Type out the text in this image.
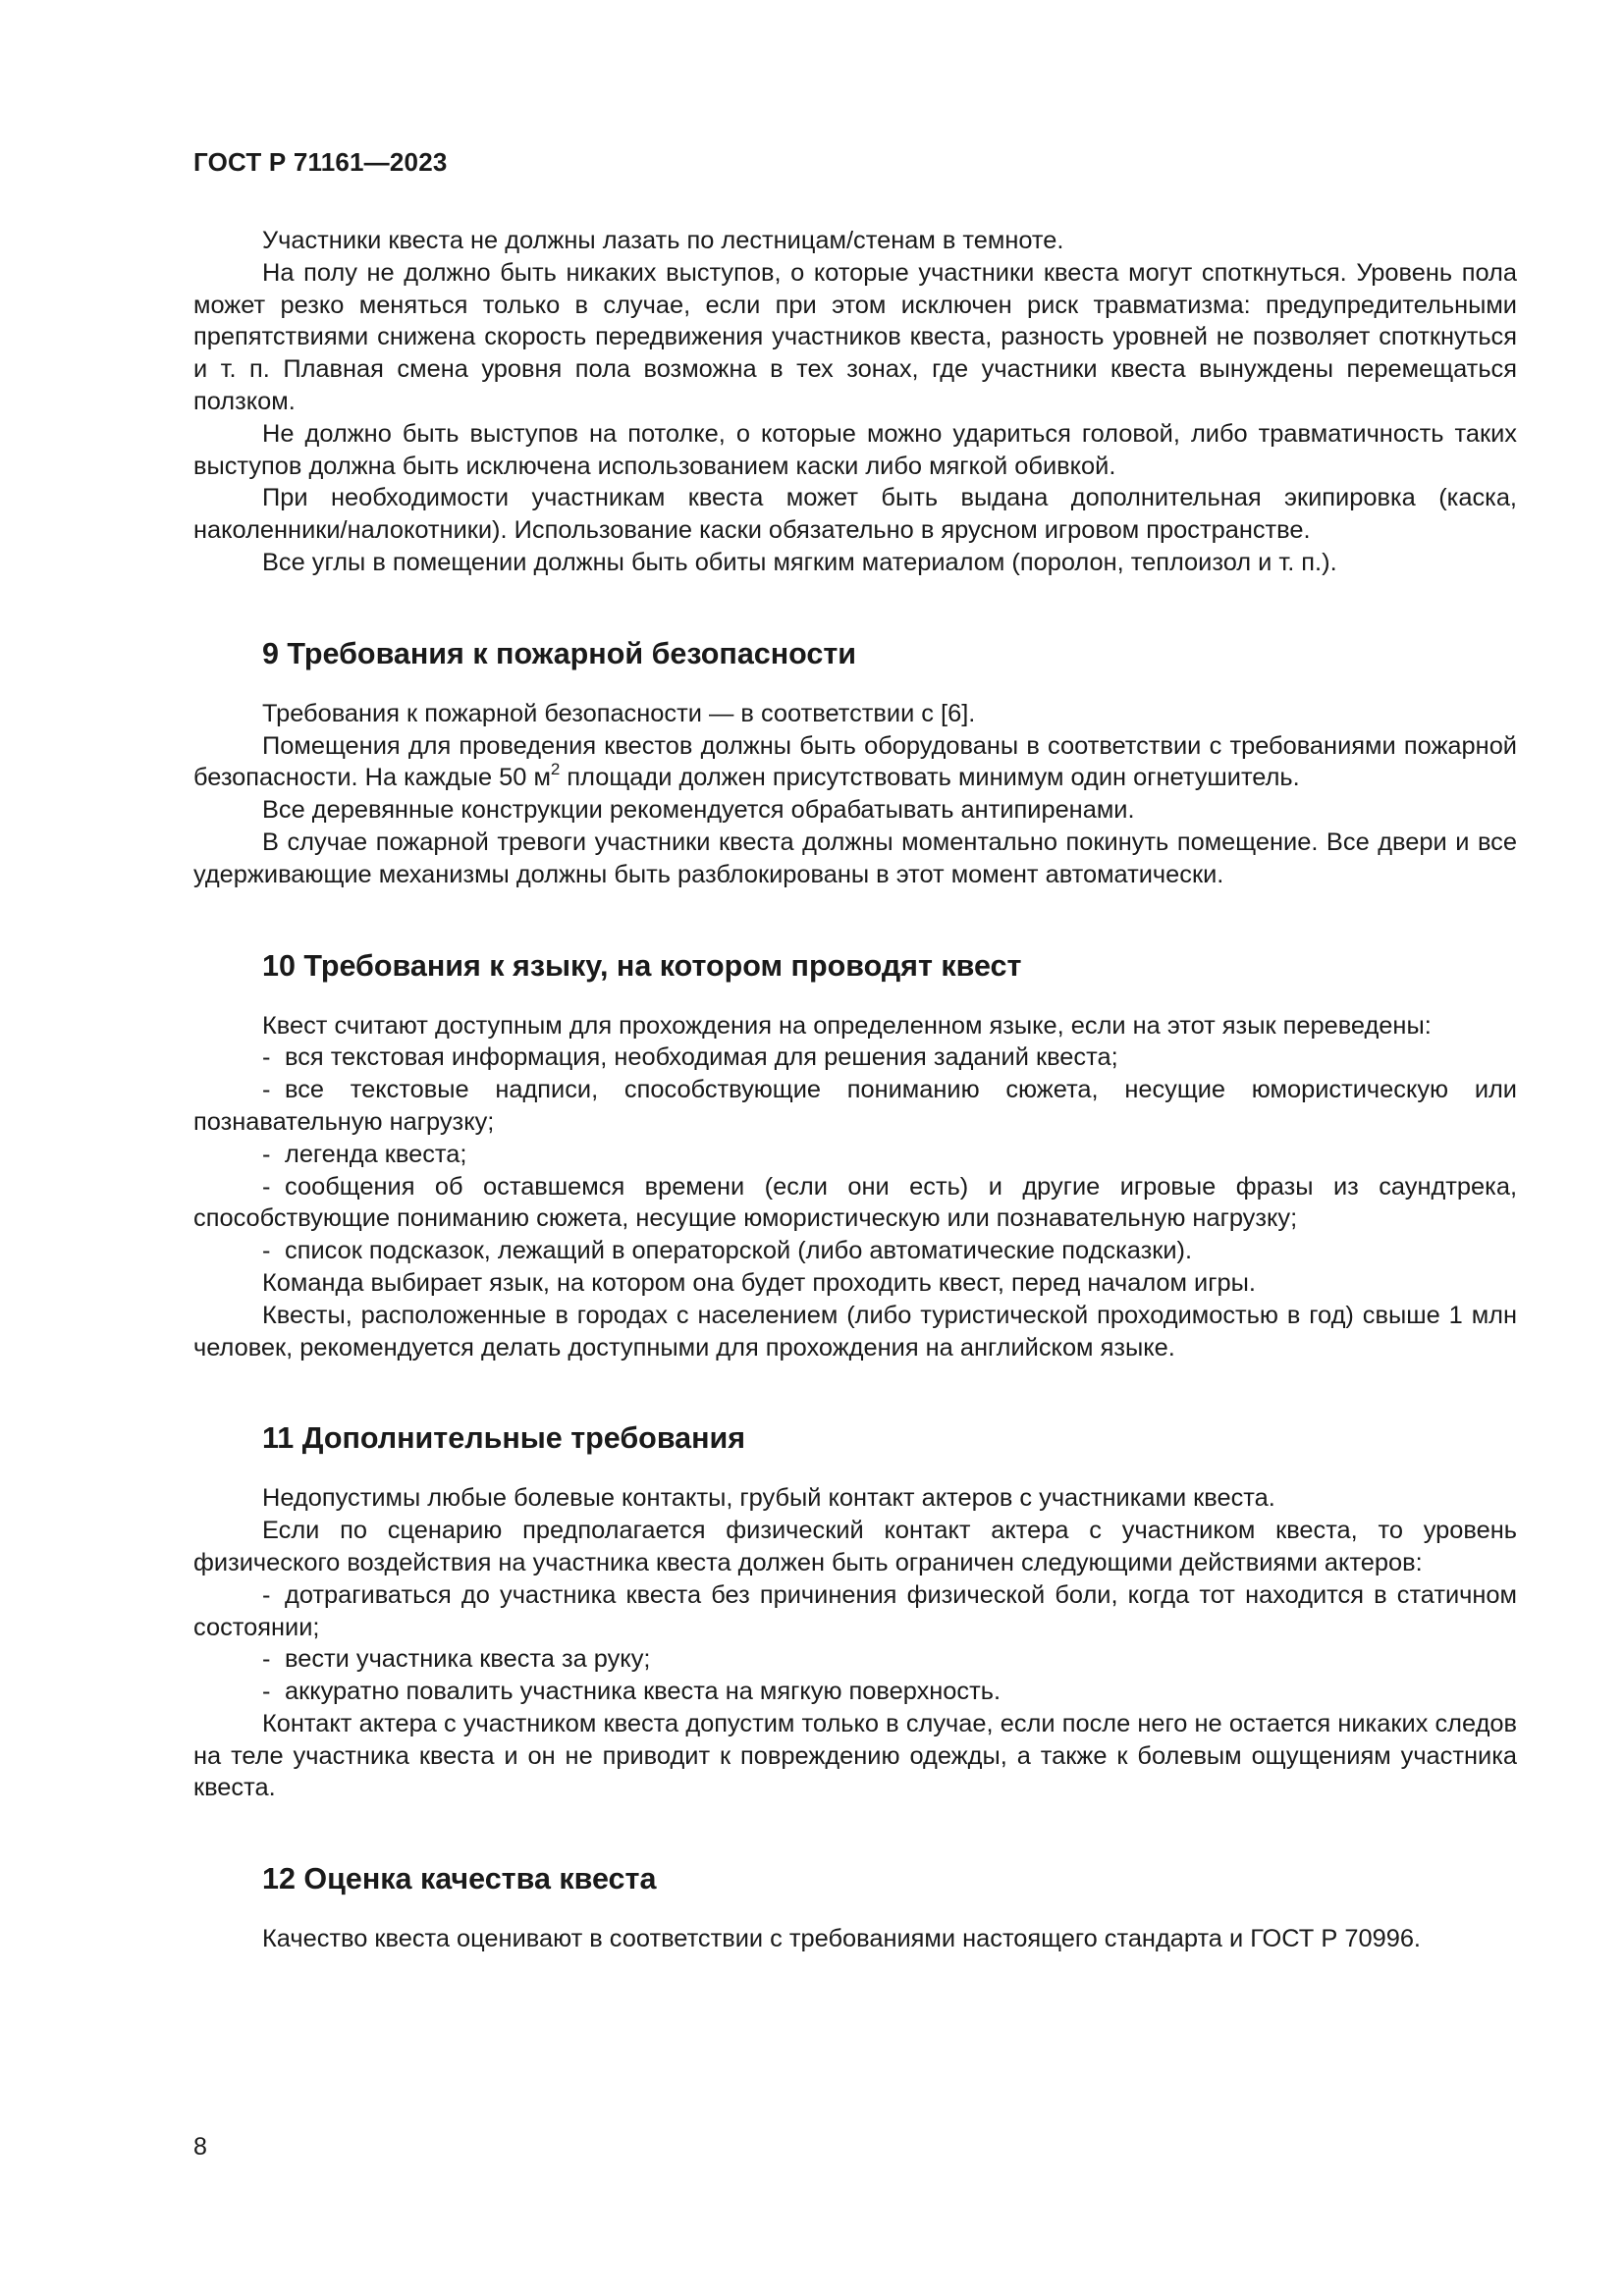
ГОСТ Р 71161—2023

Участники квеста не должны лазать по лестницам/стенам в темноте.

На полу не должно быть никаких выступов, о которые участники квеста могут споткнуться. Уровень пола может резко меняться только в случае, если при этом исключен риск травматизма: предупредительными препятствиями снижена скорость передвижения участников квеста, разность уровней не позволяет споткнуться и т. п. Плавная смена уровня пола возможна в тех зонах, где участники квеста вынуждены перемещаться ползком.

Не должно быть выступов на потолке, о которые можно удариться головой, либо травматичность таких выступов должна быть исключена использованием каски либо мягкой обивкой.

При необходимости участникам квеста может быть выдана дополнительная экипировка (каска, наколенники/налокотники). Использование каски обязательно в ярусном игровом пространстве.

Все углы в помещении должны быть обиты мягким материалом (поролон, теплоизол и т. п.).

9 Требования к пожарной безопасности

Требования к пожарной безопасности — в соответствии с [6].

Помещения для проведения квестов должны быть оборудованы в соответствии с требованиями пожарной безопасности. На каждые 50 $м^2$ площади должен присутствовать минимум один огнетушитель.

Все деревянные конструкции рекомендуется обрабатывать антипиренами.

В случае пожарной тревоги участники квеста должны моментально покинуть помещение. Все двери и все удерживающие механизмы должны быть разблокированы в этот момент автоматически.

10 Требования к языку, на котором проводят квест

Квест считают доступным для прохождения на определенном языке, если на этот язык переведены:

- вся текстовая информация, необходимая для решения заданий квеста;

- все текстовые надписи, способствующие пониманию сюжета, несущие юмористическую или познавательную нагрузку;

- легенда квеста;

- сообщения об оставшемся времени (если они есть) и другие игровые фразы из саундтрека, способствующие пониманию сюжета, несущие юмористическую или познавательную нагрузку;

- список подсказок, лежащий в операторской (либо автоматические подсказки).

Команда выбирает язык, на котором она будет проходить квест, перед началом игры.

Квесты, расположенные в городах с населением (либо туристической проходимостью в год) свыше 1 млн человек, рекомендуется делать доступными для прохождения на английском языке.

11 Дополнительные требования

Недопустимы любые болевые контакты, грубый контакт актеров с участниками квеста.

Если по сценарию предполагается физический контакт актера с участником квеста, то уровень физического воздействия на участника квеста должен быть ограничен следующими действиями актеров:

- дотрагиваться до участника квеста без причинения физической боли, когда тот находится в статичном состоянии;

- вести участника квеста за руку;

- аккуратно повалить участника квеста на мягкую поверхность.

Контакт актера с участником квеста допустим только в случае, если после него не остается никаких следов на теле участника квеста и он не приводит к повреждению одежды, а также к болевым ощущениям участника квеста.

12 Оценка качества квеста

Качество квеста оценивают в соответствии с требованиями настоящего стандарта и ГОСТ Р 70996.

8
